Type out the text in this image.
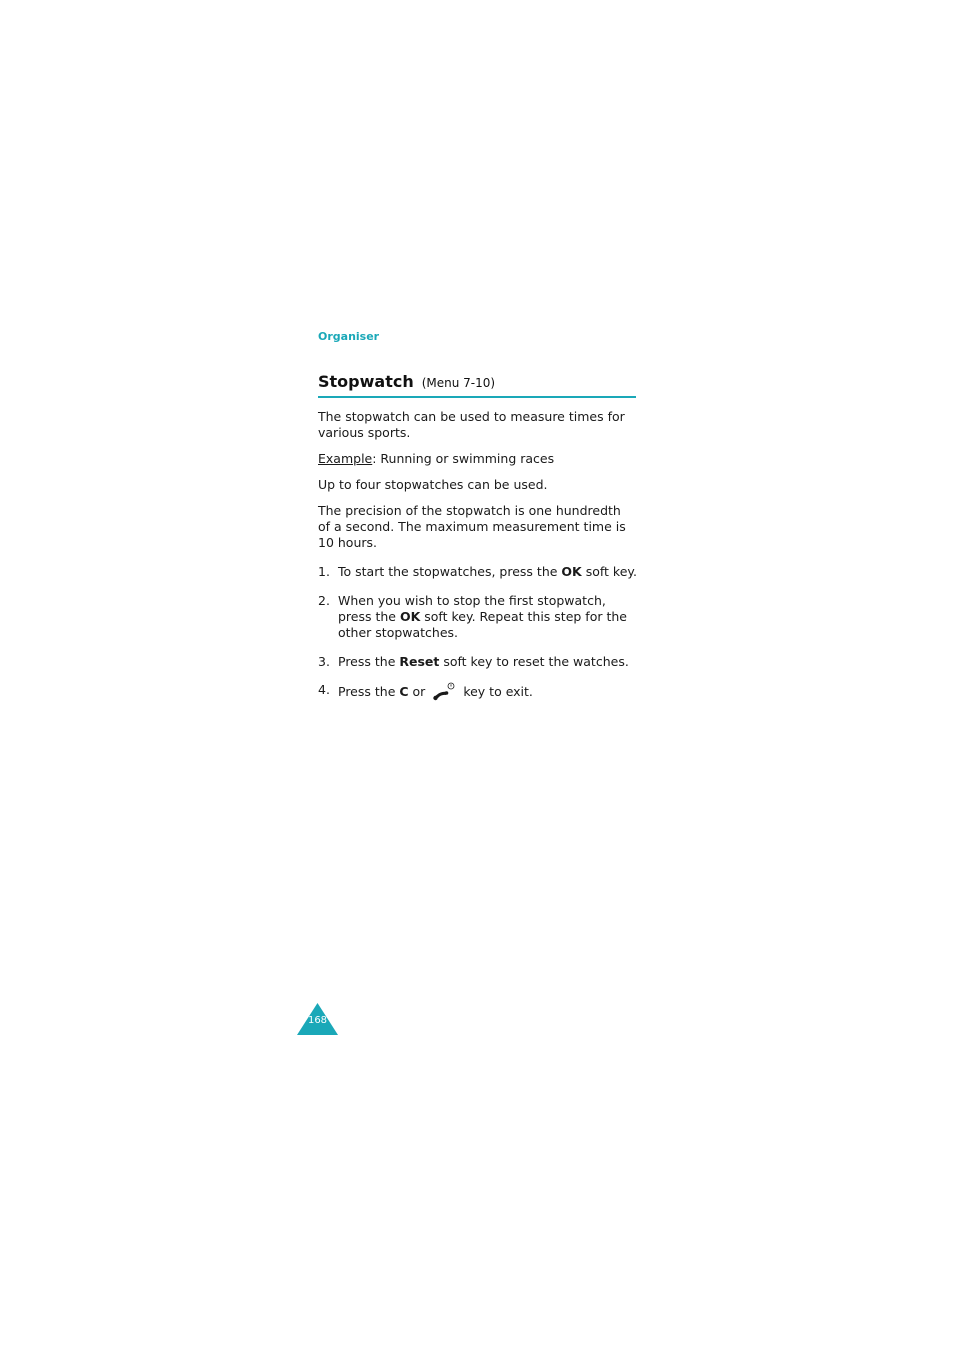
Organiser
Stopwatch (Menu 7-10)
The stopwatch can be used to measure times for various sports.
Example: Running or swimming races
Up to four stopwatches can be used.
The precision of the stopwatch is one hundredth of a second. The maximum measurement time is 10 hours.
1. To start the stopwatches, press the OK soft key.
2. When you wish to stop the first stopwatch, press the OK soft key. Repeat this step for the other stopwatches.
3. Press the Reset soft key to reset the watches.
4. Press the C or	key to exit.
168
